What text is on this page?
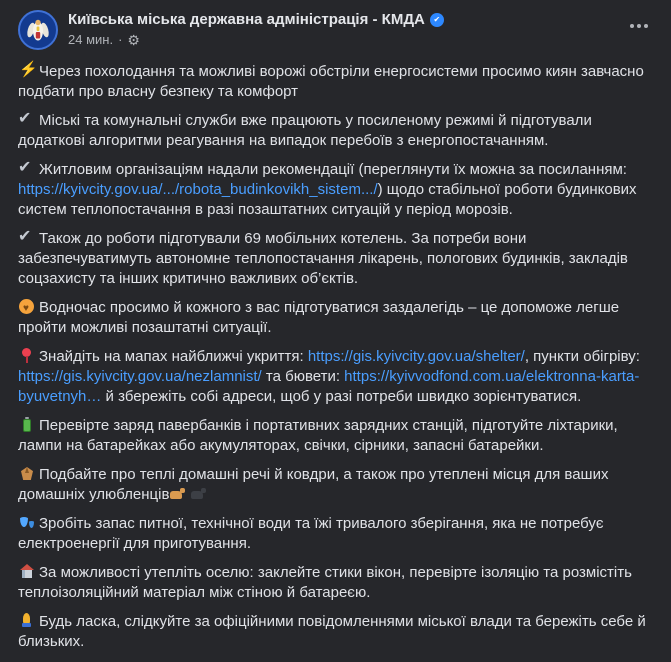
Київська міська державна адміністрація - КМДА
✔
24 мин. · ⚙
⚡Через похолодання та можливі ворожі обстріли енергосистеми просимо киян завчасно подбати про власну безпеку та комфорт
✔Міські та комунальні служби вже працюють у посиленому режимі й підготували додаткові алгоритми реагування на випадок перебоїв з енергопостачанням.
✔Житловим організаціям надали рекомендації (переглянути їх можна за посиланням: https://kyivcity.gov.ua/.../robota_budinkovikh_sistem.../) щодо стабільної роботи будинкових систем теплопостачання в разі позаштатних ситуацій у період морозів.
✔Також до роботи підготували 69 мобільних котелень. За потреби вони забезпечуватимуть автономне теплопостачання лікарень, пологових будинків, закладів соцзахисту та інших критично важливих об’єктів.
♥Водночас просимо й кожного з вас підготуватися заздалегідь – це допоможе легше пройти можливі позаштатні ситуації.
Знайдіть на мапах найближчі укриття: https://gis.kyivcity.gov.ua/shelter/, пункти обігріву: https://gis.kyivcity.gov.ua/nezlamnist/ та бювети: https://kyivvodfond.com.ua/elektronna-karta-byuvetnyh… й збережіть собі адреси, щоб у разі потреби швидко зорієнтуватися.
Перевірте заряд павербанків і портативних зарядних станцій, підготуйте ліхтарики, лампи на батарейках або акумуляторах, свічки, сірники, запасні батарейки.
Подбайте про теплі домашні речі й ковдри, а також про утеплені місця для ваших домашніх улюбленців
Зробіть запас питної, технічної води та їжі тривалого зберігання, яка не потребує електроенергії для приготування.
За можливості утепліть оселю: заклейте стики вікон, перевірте ізоляцію та розмістіть теплоізоляційний матеріал між стіною й батареєю.
Будь ласка, слідкуйте за офіційними повідомленнями міської влади та бережіть себе й близьких.
